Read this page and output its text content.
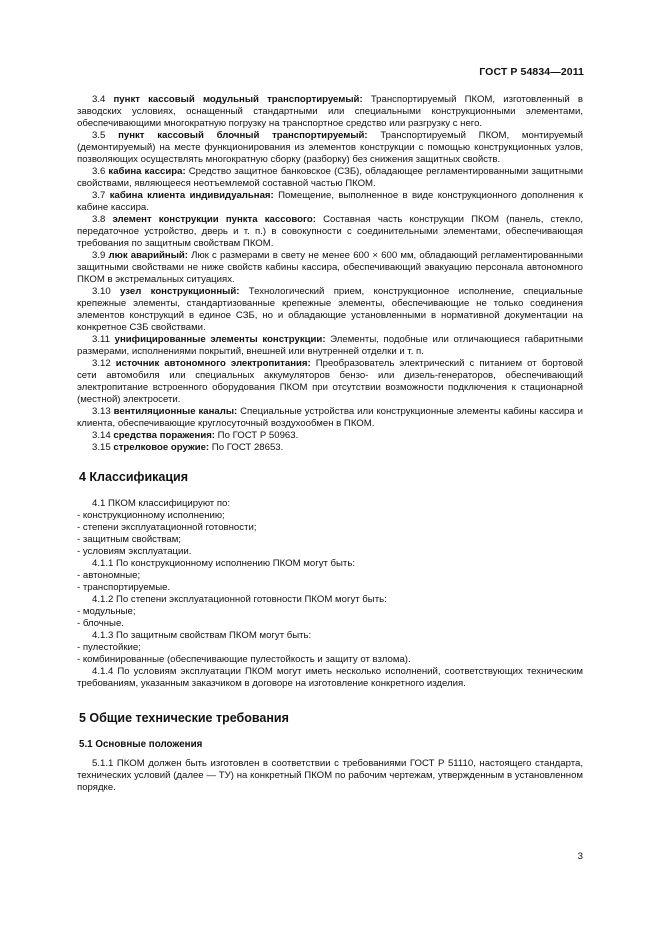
ГОСТ Р 54834—2011

3.4 пункт кассовый модульный транспортируемый: Транспортируемый ПКОМ, изготовленный в заводских условиях, оснащенный стандартными или специальными конструкционными элементами, обеспечивающими многократную погрузку на транспортное средство или разгрузку с него.

3.5 пункт кассовый блочный транспортируемый: Транспортируемый ПКОМ, монтируемый (демонтируемый) на месте функционирования из элементов конструкции с помощью конструкционных узлов, позволяющих осуществлять многократную сборку (разборку) без снижения защитных свойств.

3.6 кабина кассира: Средство защитное банковское (СЗБ), обладающее регламентированными защитными свойствами, являющееся неотъемлемой составной частью ПКОМ.

3.7 кабина клиента индивидуальная: Помещение, выполненное в виде конструкционного дополнения к кабине кассира.

3.8 элемент конструкции пункта кассового: Составная часть конструкции ПКОМ (панель, стекло, передаточное устройство, дверь и т. п.) в совокупности с соединительными элементами, обеспечивающая требования по защитным свойствам ПКОМ.

3.9 люк аварийный: Люк с размерами в свету не менее 600 × 600 мм, обладающий регламентированными защитными свойствами не ниже свойств кабины кассира, обеспечивающий эвакуацию персонала автономного ПКОМ в экстремальных ситуациях.

3.10 узел конструкционный: Технологический прием, конструкционное исполнение, специальные крепежные элементы, стандартизованные крепежные элементы, обеспечивающие не только соединения элементов конструкций в единое СЗБ, но и обладающие установленными в нормативной документации на конкретное СЗБ свойствами.

3.11 унифицированные элементы конструкции: Элементы, подобные или отличающиеся габаритными размерами, исполнениями покрытий, внешней или внутренней отделки и т. п.

3.12 источник автономного электропитания: Преобразователь электрический с питанием от бортовой сети автомобиля или специальных аккумуляторов бензо- или дизель-генераторов, обеспечивающий электропитание встроенного оборудования ПКОМ при отсутствии возможности подключения к стационарной (местной) электросети.

3.13 вентиляционные каналы: Специальные устройства или конструкционные элементы кабины кассира и клиента, обеспечивающие круглосуточный воздухообмен в ПКОМ.

3.14 средства поражения: По ГОСТ Р 50963.

3.15 стрелковое оружие: По ГОСТ 28653.

4 Классификация

4.1 ПКОМ классифицируют по:

- конструкционному исполнению;

- степени эксплуатационной готовности;

- защитным свойствам;

- условиям эксплуатации.

4.1.1 По конструкционному исполнению ПКОМ могут быть:

- автономные;

- транспортируемые.

4.1.2 По степени эксплуатационной готовности ПКОМ могут быть:

- модульные;

- блочные.

4.1.3 По защитным свойствам ПКОМ могут быть:

- пулестойкие;

- комбинированные (обеспечивающие пулестойкость и защиту от взлома).

4.1.4 По условиям эксплуатации ПКОМ могут иметь несколько исполнений, соответствующих техническим требованиям, указанным заказчиком в договоре на изготовление конкретного изделия.

5 Общие технические требования
5.1 Основные положения

5.1.1 ПКОМ должен быть изготовлен в соответствии с требованиями ГОСТ Р 51110, настоящего стандарта, технических условий (далее — ТУ) на конкретный ПКОМ по рабочим чертежам, утвержденным в установленном порядке.

3
